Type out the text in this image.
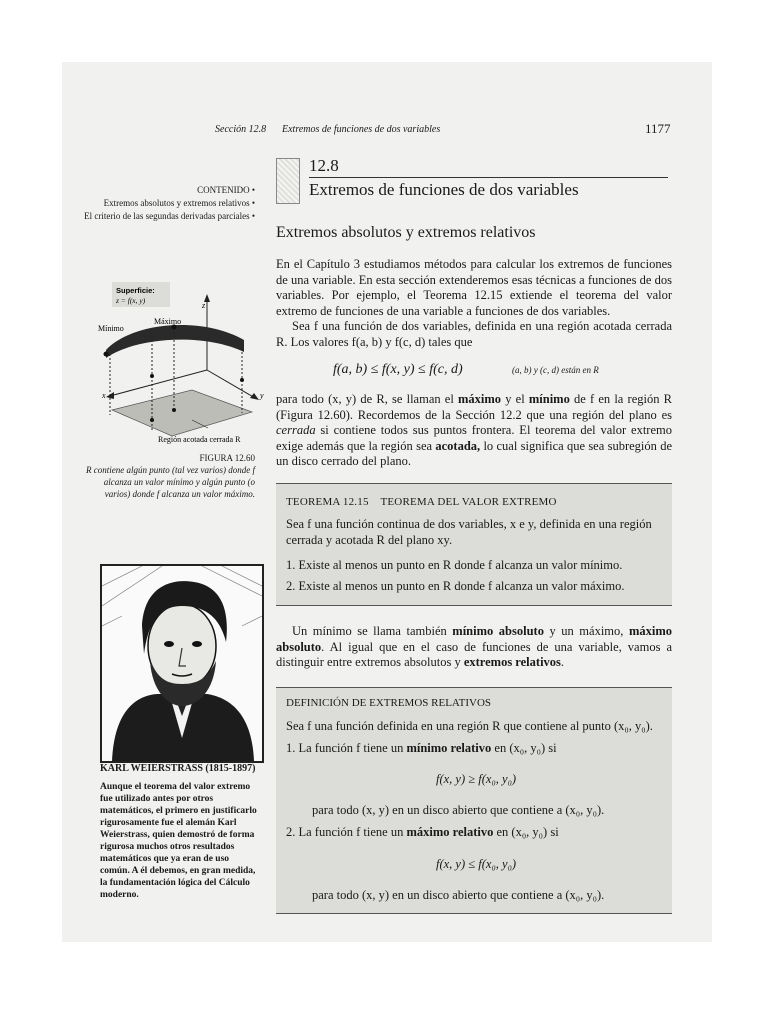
Sección 12.8 Extremos de funciones de dos variables	1177
12.8
Extremos de funciones de dos variables
CONTENIDO •
Extremos absolutos y extremos relativos •
El criterio de las segundas derivadas parciales •
Extremos absolutos y extremos relativos
En el Capítulo 3 estudiamos métodos para calcular los extremos de funciones de una variable. En esta sección extenderemos esas técnicas a funciones de dos variables. Por ejemplo, el Teorema 12.15 extiende el teorema del valor extremo de funciones de una variable a funciones de dos variables.
Sea f una función de dos variables, definida en una región acotada cerrada R. Los valores f(a, b) y f(c, d) tales que
f(a, b) ≤ f(x, y) ≤ f(c, d)	(a, b) y (c, d) están en R
para todo (x, y) de R, se llaman el máximo y el mínimo de f en la región R (Figura 12.60). Recordemos de la Sección 12.2 que una región del plano es cerrada si contiene todos sus puntos frontera. El teorema del valor extremo exige además que la región sea acotada, lo cual significa que sea subregión de un disco cerrado del plano.
TEOREMA 12.15 TEOREMA DEL VALOR EXTREMO
Sea f una función continua de dos variables, x e y, definida en una región cerrada y acotada R del plano xy.
1. Existe al menos un punto en R donde f alcanza un valor mínimo.
2. Existe al menos un punto en R donde f alcanza un valor máximo.
Un mínimo se llama también mínimo absoluto y un máximo, máximo absoluto. Al igual que en el caso de funciones de una variable, vamos a distinguir entre extremos absolutos y extremos relativos.
DEFINICIÓN DE EXTREMOS RELATIVOS
Sea f una función definida en una región R que contiene al punto (x₀, y₀).
1. La función f tiene un mínimo relativo en (x₀, y₀) si
f(x, y) ≥ f(x₀, y₀)
para todo (x, y) en un disco abierto que contiene a (x₀, y₀).
2. La función f tiene un máximo relativo en (x₀, y₀) si
f(x, y) ≤ f(x₀, y₀)
para todo (x, y) en un disco abierto que contiene a (x₀, y₀).
Superficie:
z = f(x, y)
z
x	y
Mínimo
Máximo
Región acotada cerrada R
FIGURA 12.60
R contiene algún punto (tal vez varios) donde f alcanza un valor mínimo y algún punto (o varios) donde f alcanza un valor máximo.
KARL WEIERSTRASS (1815-1897)
Aunque el teorema del valor extremo fue utilizado antes por otros matemáticos, el primero en justificarlo rigurosamente fue el alemán Karl Weierstrass, quien demostró de forma rigurosa muchos otros resultados matemáticos que ya eran de uso común. A él debemos, en gran medida, la fundamentación lógica del Cálculo moderno.
